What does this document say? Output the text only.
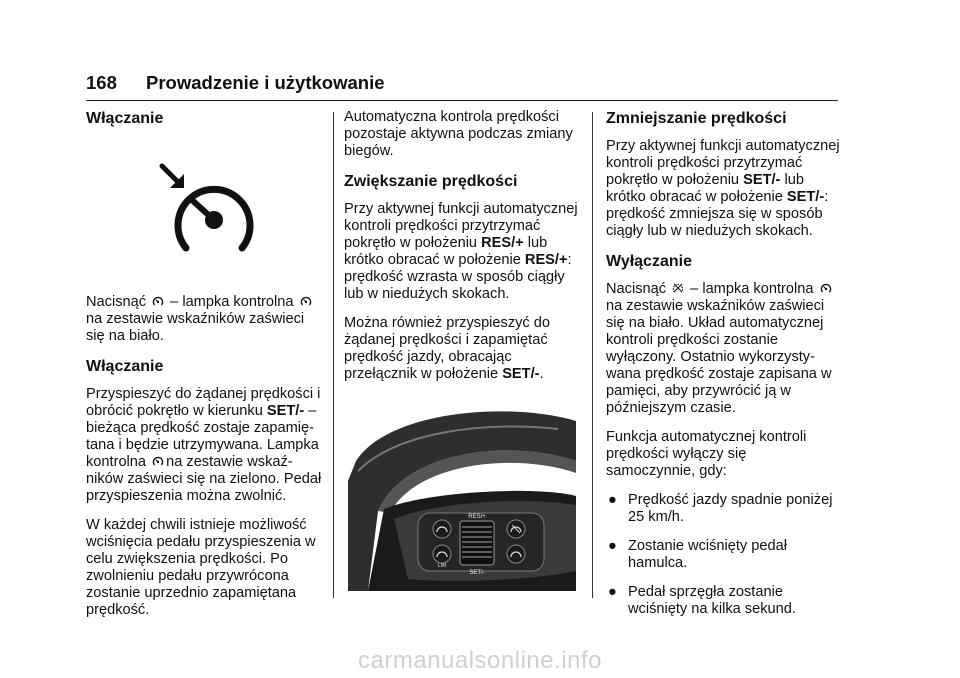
168 Prowadzenie i użytkowanie
Włączanie

Nacisnąć – lampka kontrolna
na zestawie wskaźników zaświeci
się na biało.

Włączanie

Przyspieszyć do żądanej prędkości i
obrócić pokrętło w kierunku SET/- –
bieżąca prędkość zostaje zapamię-
tana i będzie utrzymywana. Lampka
kontrolna na zestawie wskaź-
ników zaświeci się na zielono. Pedał
przyspieszenia można zwolnić.

W każdej chwili istnieje możliwość
wciśnięcia pedału przyspieszenia w
celu zwiększenia prędkości. Po
zwolnieniu pedału przywrócona
zostanie uprzednio zapamiętana
prędkość.

Automatyczna kontrola prędkości
pozostaje aktywna podczas zmiany
biegów.

Zwiększanie prędkości

Przy aktywnej funkcji automatycznej
kontroli prędkości przytrzymać
pokrętło w położeniu RES/+ lub
krótko obracać w położenie RES/+:
prędkość wzrasta w sposób ciągły
lub w niedużych skokach.

Można również przyspieszyć do
żądanej prędkości i zapamiętać
prędkość jazdy, obracając
przełącznik w położenie SET/-.

LIM
RES/+
SET/-
Zmniejszanie prędkości

Przy aktywnej funkcji automatycznej
kontroli prędkości przytrzymać
pokrętło w położeniu SET/- lub
krótko obracać w położenie SET/-:
prędkość zmniejsza się w sposób
ciągły lub w niedużych skokach.

Wyłączanie

Nacisnąć – lampka kontrolna
na zestawie wskaźników zaświeci
się na biało. Układ automatycznej
kontroli prędkości zostanie
wyłączony. Ostatnio wykorzysty-
wana prędkość zostaje zapisana w
pamięci, aby przywrócić ją w
późniejszym czasie.

Funkcja automatycznej kontroli
prędkości wyłączy się
samoczynnie, gdy:

● Prędkość jazdy spadnie poniżej
25 km/h.
● Zostanie wciśnięty pedał
hamulca.
● Pedał sprzęgła zostanie
wciśnięty na kilka sekund.
carmanualsonline.info
